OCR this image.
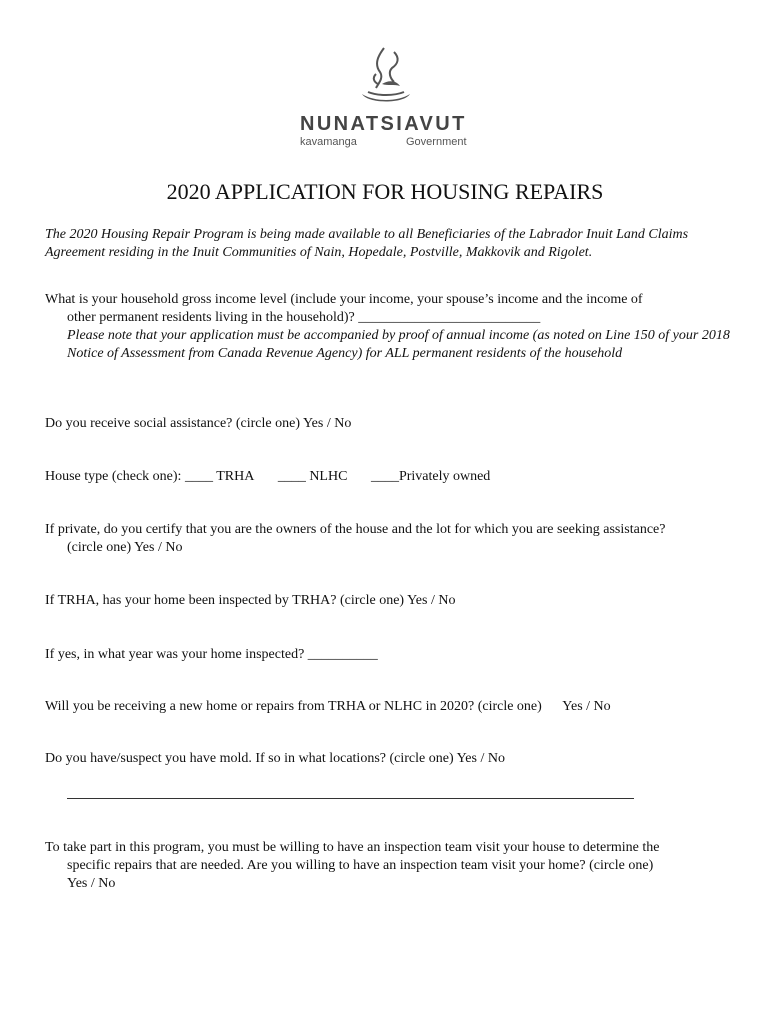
NUNATSIAVUT
kavamanga	Government
2020 APPLICATION FOR HOUSING REPAIRS
The 2020 Housing Repair Program is being made available to all Beneficiaries of the Labrador Inuit Land Claims Agreement residing in the Inuit Communities of Nain, Hopedale, Postville, Makkovik and Rigolet.
What is your household gross income level (include your income, your spouse’s income and the income of
other permanent residents living in the household)? __________________________
Please note that your application must be accompanied by proof of annual income (as noted on Line 150 of your 2018 Notice of Assessment from Canada Revenue Agency) for ALL permanent residents of the household
Do you receive social assistance? (circle one) Yes / No
House type (check one): ____ TRHA ____ NLHC ____Privately owned
If private, do you certify that you are the owners of the house and the lot for which you are seeking assistance?
(circle one) Yes / No
If TRHA, has your home been inspected by TRHA? (circle one) Yes / No
If yes, in what year was your home inspected? __________
Will you be receiving a new home or repairs from TRHA or NLHC in 2020? (circle one) Yes / No
Do you have/suspect you have mold. If so in what locations? (circle one) Yes / No
To take part in this program, you must be willing to have an inspection team visit your house to determine the
specific repairs that are needed. Are you willing to have an inspection team visit your home? (circle one)
Yes / No
